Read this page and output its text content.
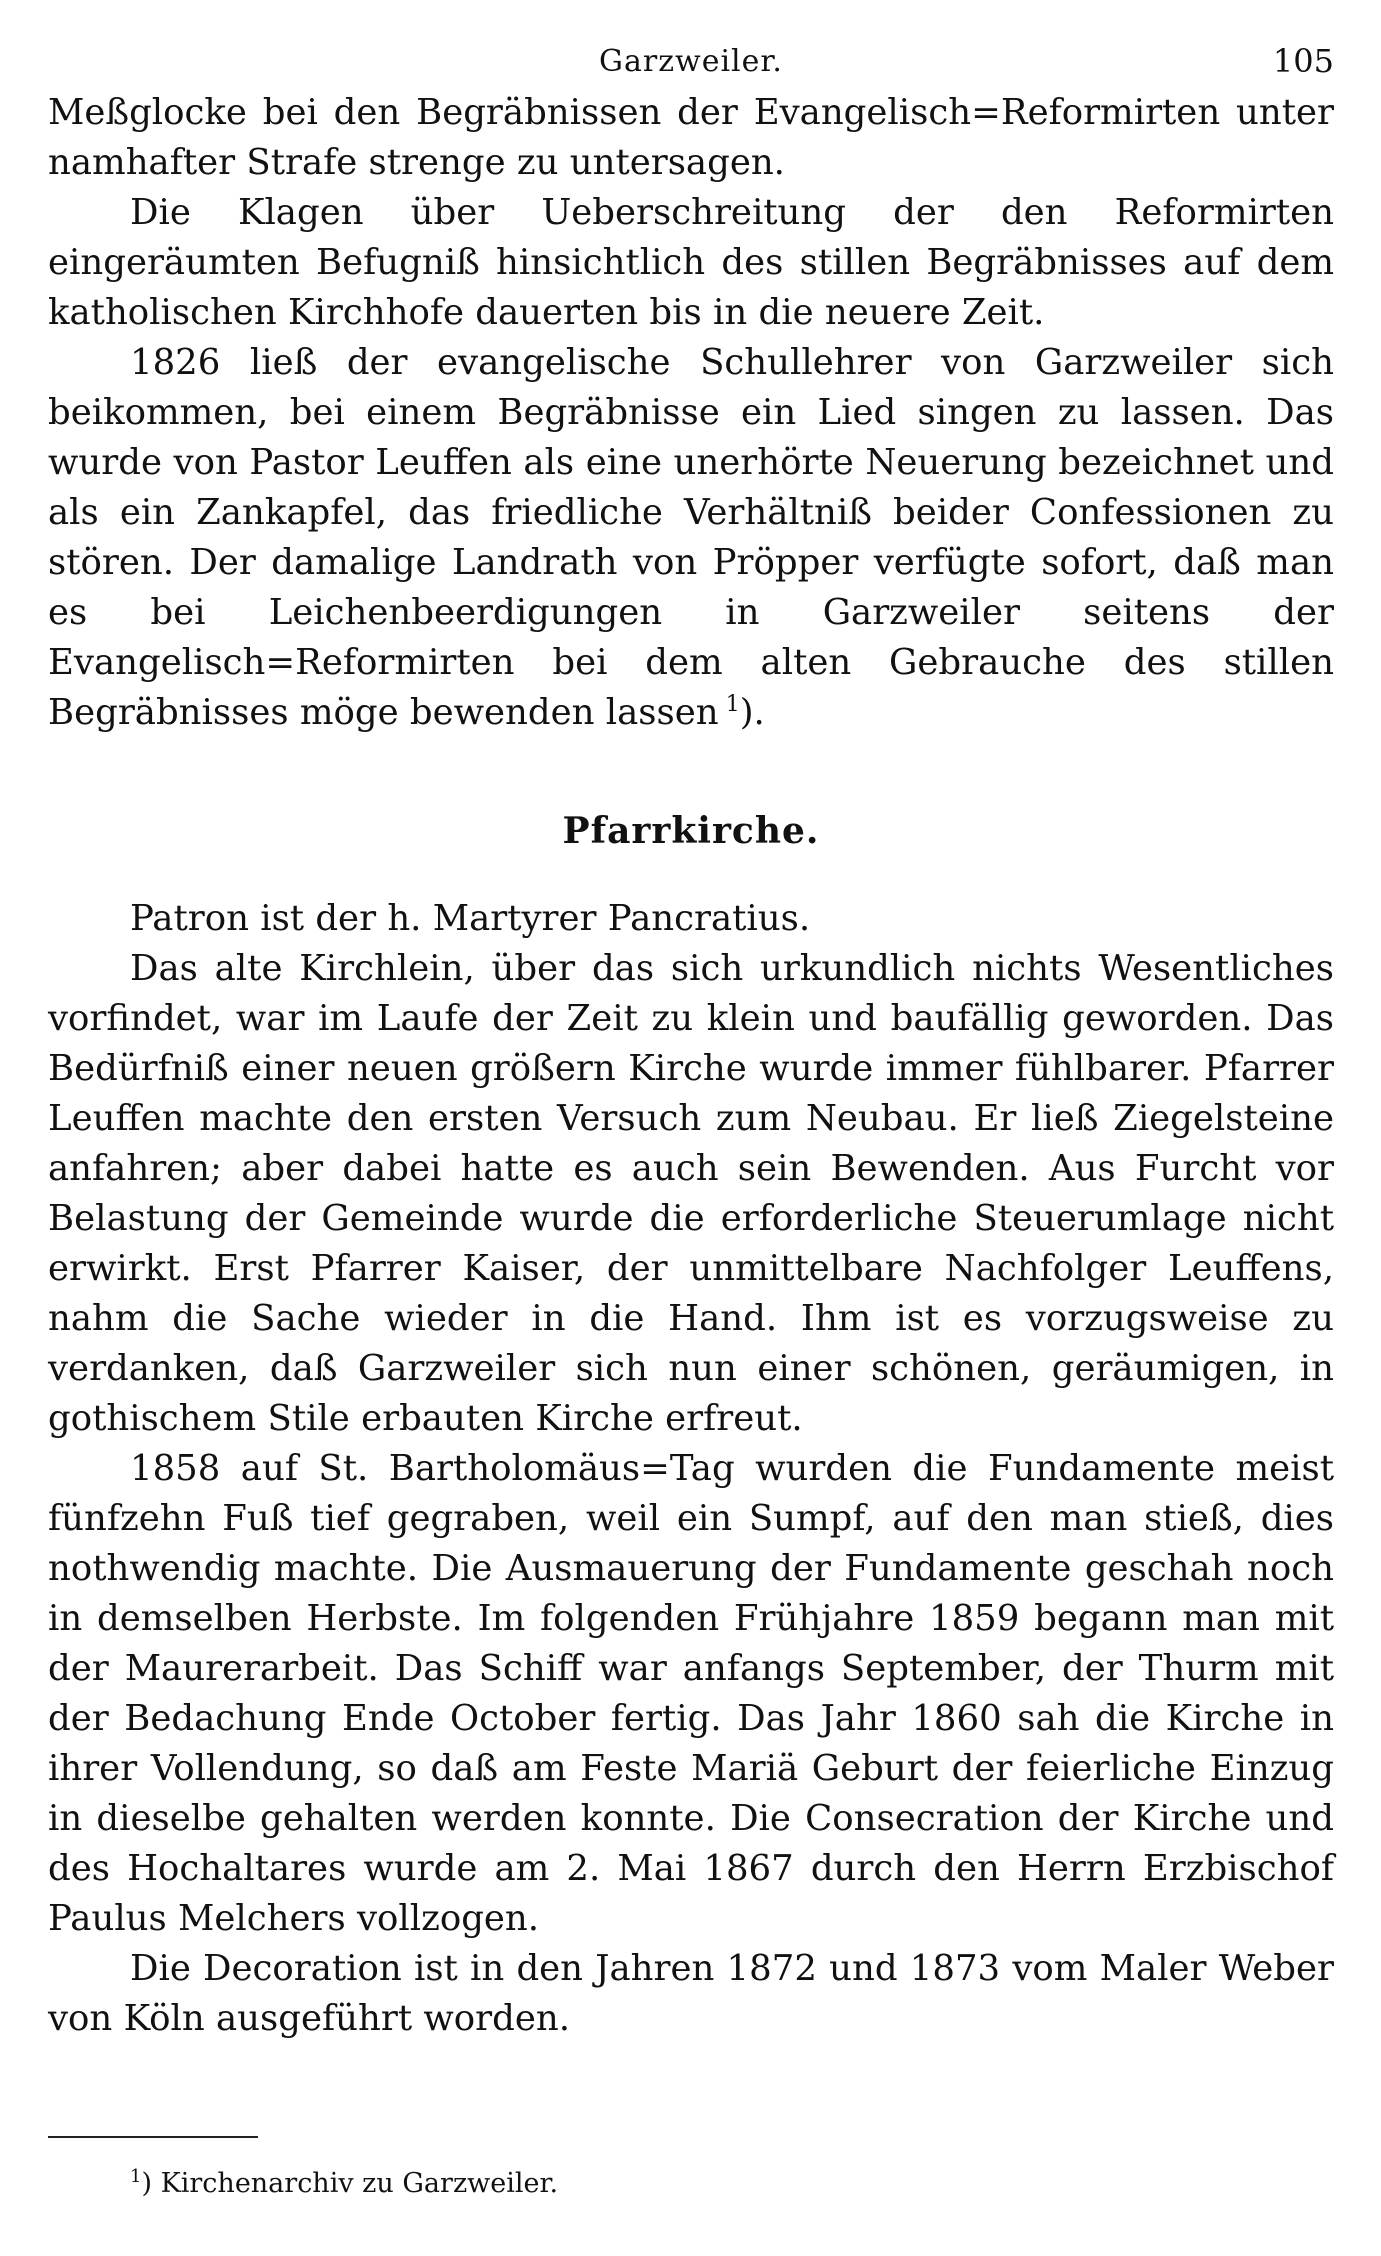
Garzweiler.	105

Meßglocke bei den Begräbnissen der Evangelisch=Reformirten unter namhafter Strafe strenge zu untersagen.

Die Klagen über Ueberschreitung der den Reformirten eingeräumten Befugniß hinsichtlich des stillen Begräbnisses auf dem katholischen Kirchhofe dauerten bis in die neuere Zeit.

1826 ließ der evangelische Schullehrer von Garzweiler sich beikommen, bei einem Begräbnisse ein Lied singen zu lassen. Das wurde von Pastor Leuffen als eine unerhörte Neuerung bezeichnet und als ein Zankapfel, das friedliche Verhältniß beider Confessionen zu stören. Der damalige Landrath von Pröpper verfügte sofort, daß man es bei Leichenbeerdigungen in Garzweiler seitens der Evangelisch=Reformirten bei dem alten Gebrauche des stillen Begräbnisses möge bewenden lassen  $^1$).

Pfarrkirche.

Patron ist der h. Martyrer Pancratius.

Das alte Kirchlein, über das sich urkundlich nichts Wesentliches vorfindet, war im Laufe der Zeit zu klein und baufällig geworden. Das Bedürfniß einer neuen größern Kirche wurde immer fühlbarer. Pfarrer Leuffen machte den ersten Versuch zum Neubau. Er ließ Ziegelsteine anfahren; aber dabei hatte es auch sein Bewenden. Aus Furcht vor Belastung der Gemeinde wurde die erforderliche Steuerumlage nicht erwirkt. Erst Pfarrer Kaiser, der unmittelbare Nachfolger Leuffens, nahm die Sache wieder in die Hand. Ihm ist es vorzugsweise zu verdanken, daß Garzweiler sich nun einer schönen, geräumigen, in gothischem Stile erbauten Kirche erfreut.

1858 auf St. Bartholomäus=Tag wurden die Fundamente meist fünfzehn Fuß tief gegraben, weil ein Sumpf, auf den man stieß, dies nothwendig machte. Die Ausmauerung der Fundamente geschah noch in demselben Herbste. Im folgenden Frühjahre 1859 begann man mit der Maurerarbeit. Das Schiff war anfangs September, der Thurm mit der Bedachung Ende October fertig. Das Jahr 1860 sah die Kirche in ihrer Vollendung, so daß am Feste Mariä Geburt der feierliche Einzug in dieselbe gehalten werden konnte. Die Consecration der Kirche und des Hochaltares wurde am 2. Mai 1867 durch den Herrn Erzbischof Paulus Melchers vollzogen.

Die Decoration ist in den Jahren 1872 und 1873 vom Maler Weber von Köln ausgeführt worden.

$^1$) Kirchenarchiv zu Garzweiler.
